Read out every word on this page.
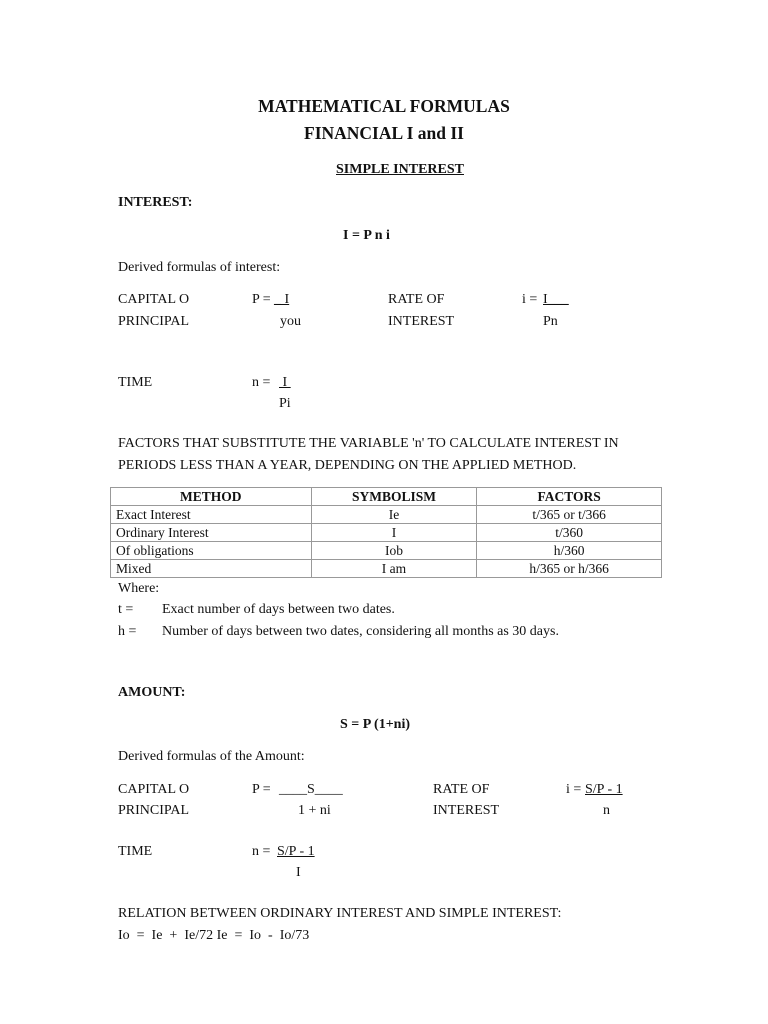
MATHEMATICAL FORMULAS
FINANCIAL I and II
SIMPLE INTEREST
INTEREST:
I = P n i
Derived formulas of interest:
CAPITAL O
PRINCIPAL
P = _ I
you
RATE OF
INTEREST
i = I___
Pn
TIME	n = I
Pi
FACTORS THAT SUBSTITUTE THE VARIABLE 'n' TO CALCULATE INTEREST IN
PERIODS LESS THAN A YEAR, DEPENDING ON THE APPLIED METHOD.
METHOD	SYMBOLISM	FACTORS
Exact Interest	Ie	t/365 or t/366
Ordinary Interest	I	t/360
Of obligations	Iob	h/360
Mixed	I am	h/365 or h/366
Where:
t = Exact number of days between two dates.
h = Number of days between two dates, considering all months as 30 days.
AMOUNT:
S = P (1+ni)
Derived formulas of the Amount:
CAPITAL O
PRINCIPAL
P = ____S____
1 + ni
RATE OF
INTEREST
i = S/P - 1
n
TIME	n = S/P - 1
I
RELATION BETWEEN ORDINARY INTEREST AND SIMPLE INTEREST:
Io  =  Ie  +  Ie/72 Ie  =  Io  -  Io/73
